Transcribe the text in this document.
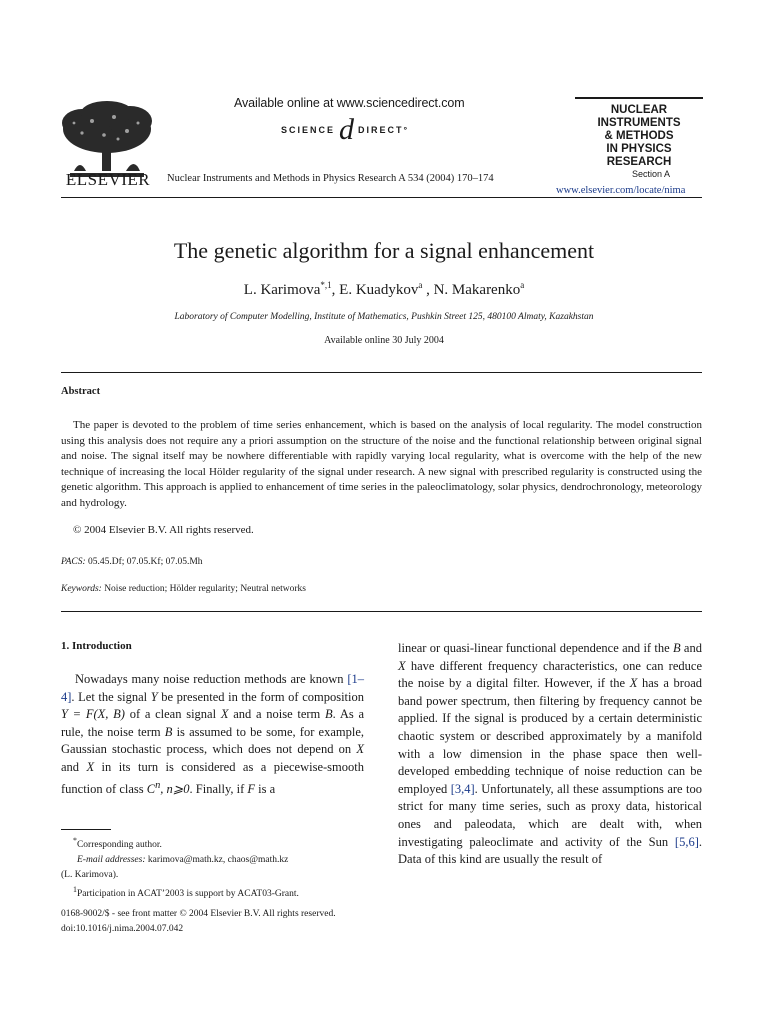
ELSEVIER
Available online at www.sciencedirect.com
SCIENCE d DIRECT°
Nuclear Instruments and Methods in Physics Research A 534 (2004) 170–174
NUCLEAR
INSTRUMENTS
& METHODS
IN PHYSICS
RESEARCH
Section A
www.elsevier.com/locate/nima
The genetic algorithm for a signal enhancement
L. Karimova$^{*,1}$, E. Kuadykov$^a$ , N. Makarenko$^a$
Laboratory of Computer Modelling, Institute of Mathematics, Pushkin Street 125, 480100 Almaty, Kazakhstan
Available online 30 July 2004
Abstract

The paper is devoted to the problem of time series enhancement, which is based on the analysis of local regularity. The model construction using this analysis does not require any a priori assumption on the structure of the noise and the functional relationship between original signal and noise. The signal itself may be nowhere differentiable with rapidly varying local regularity, what is overcome with the help of the new technique of increasing the local Hölder regularity of the signal under research. A new signal with prescribed regularity is constructed using the genetic algorithm. This approach is applied to enhancement of time series in the paleoclimatology, solar physics, dendrochronology, meteorology and hydrology.

© 2004 Elsevier B.V. All rights reserved.
PACS: 05.45.Df; 07.05.Kf; 07.05.Mh
Keywords: Noise reduction; Hölder regularity; Neutral networks
1. Introduction

Nowadays many noise reduction methods are known [1–4]. Let the signal Y be presented in the form of composition Y = F(X, B) of a clean signal X and a noise term B. As a rule, the noise term B is assumed to be some, for example, Gaussian stochastic process, which does not depend on X and X in its turn is considered as a piecewise-smooth function of class $C^n$, n⩾0. Finally, if F is a

linear or quasi-linear functional dependence and if the B and X have different frequency characteristics, one can reduce the noise by a digital filter. However, if the X has a broad band power spectrum, then filtering by frequency cannot be applied. If the signal is produced by a certain deterministic chaotic system or described approximately by a manifold with a low dimension in the phase space then well-developed embedding technique of noise reduction can be employed [3,4]. Unfortunately, all these assumptions are too strict for many time series, such as proxy data, historical ones and paleodata, which are dealt with, when investigating paleoclimate and activity of the Sun [5,6]. Data of this kind are usually the result of

*Corresponding author.
E-mail addresses: karimova@math.kz, chaos@math.kz
(L. Karimova).
$^1$Participation in ACAT’2003 is support by ACAT03-Grant.
0168-9002/$ - see front matter © 2004 Elsevier B.V. All rights reserved.
doi:10.1016/j.nima.2004.07.042
